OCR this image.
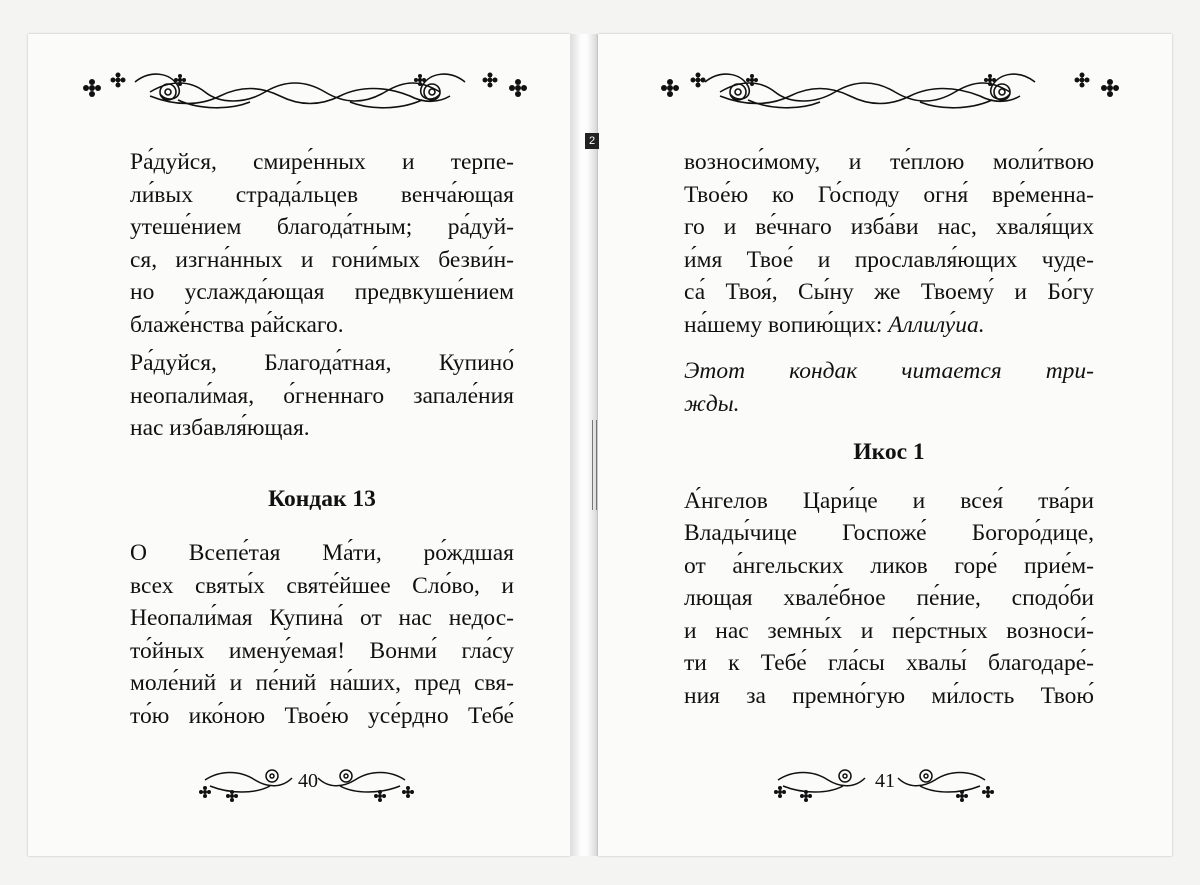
2
Ра́дуйся, смире́нных и терпе-
ли́вых страда́льцев венча́ющая
утеше́нием благода́тным; ра́дуй-
ся, изгна́нных и гони́мых безви́н-
но услажда́ющая предвкуше́нием
блаже́нства ра́йскаго.
Ра́дуйся, Благода́тная, Купино́
неопали́мая, о́гненнаго запале́ния
нас избавля́ющая.
Кондак 13
О Всепе́тая Ма́ти, ро́ждшая
всех святы́х святе́йшее Сло́во, и
Неопали́мая Купина́ от нас недос-
то́йных имену́емая! Вонми́ гла́су
моле́ний и пе́ний на́ших, пред свя-
то́ю ико́ною Твое́ю усе́рдно Тебе́
40
возноси́мому, и те́плою моли́твою
Твое́ю ко Го́споду огня́ вре́менна-
го и ве́чнаго изба́ви нас, хваля́щих
и́мя Твое́ и прославля́ющих чуде-
са́ Твоя́, Сы́ну же Твоему́ и Бо́гу
на́шему вопию́щих: Аллилу́иа.
Этот кондак читается три-
жды.
Икос 1
А́нгелов Цари́це и всея́ тва́ри
Влады́чице Госпоже́ Богоро́дице,
от а́нгельских ликов горе́ прие́м-
лющая хвале́бное пе́ние, сподо́би
и нас земны́х и пе́рстных возноси́-
ти к Тебе́ гла́сы хвалы́ благодаре́-
ния за премно́гую ми́лость Твою́
41
